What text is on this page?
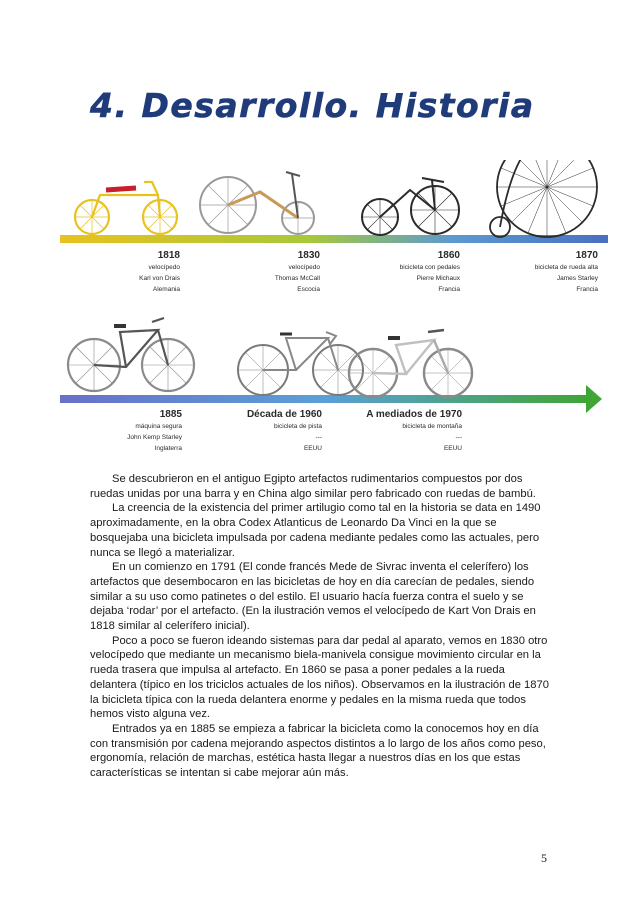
4. Desarrollo. Historia
1818
velocípedo
Karl von Drais
Alemania
1830
velocípedo
Thomas McCall
Escocia
1860
bicicleta con pedales
Pierre Michaux
Francia
1870
bicicleta de rueda alta
James Starley
Francia
1885
máquina segura
John Kemp Starley
Inglaterra
Década de 1960
bicicleta de pista
---
EEUU
A mediados de 1970
bicicleta de montaña
---
EEUU

Se descubrieron en el antiguo Egipto artefactos rudimentarios compuestos por dos ruedas unidas por una barra y en China algo similar pero fabricado con ruedas de bambú.

La creencia de la existencia del primer artilugio como tal en la historia se data en 1490 aproximadamente, en la obra Codex Atlanticus de Leonardo Da Vinci en la que se bosquejaba una bicicleta impulsada por cadena mediante pedales como las actuales, pero nunca se llegó a materializar.

En un comienzo en 1791 (El conde francés Mede de Sivrac inventa el celerífero) los artefactos que desembocaron en las bicicletas de hoy en día carecían de pedales, siendo similar a su uso como patinetes o del estilo. El usuario hacía fuerza contra el suelo y se dejaba ‘rodar’ por el artefacto. (En la ilustración vemos el velocípedo de Kart Von Drais en 1818 similar al celerífero inicial).

Poco a poco se fueron ideando sistemas para dar pedal al aparato, vemos en 1830 otro velocípedo que mediante un mecanismo biela-manivela consigue movimiento circular en la rueda trasera que impulsa al artefacto. En 1860 se pasa a poner pedales a la rueda delantera (típico en los triciclos actuales de los niños). Observamos en la ilustración de 1870 la bicicleta típica con la rueda delantera enorme y pedales en la misma rueda que todos hemos visto alguna vez.

Entrados ya en 1885 se empieza a fabricar la bicicleta como la conocemos hoy en día con transmisión por cadena mejorando aspectos distintos a lo largo de los años como peso, ergonomía, relación de marchas, estética hasta llegar a nuestros días en los que estas características se intentan si cabe mejorar aún más.

5
